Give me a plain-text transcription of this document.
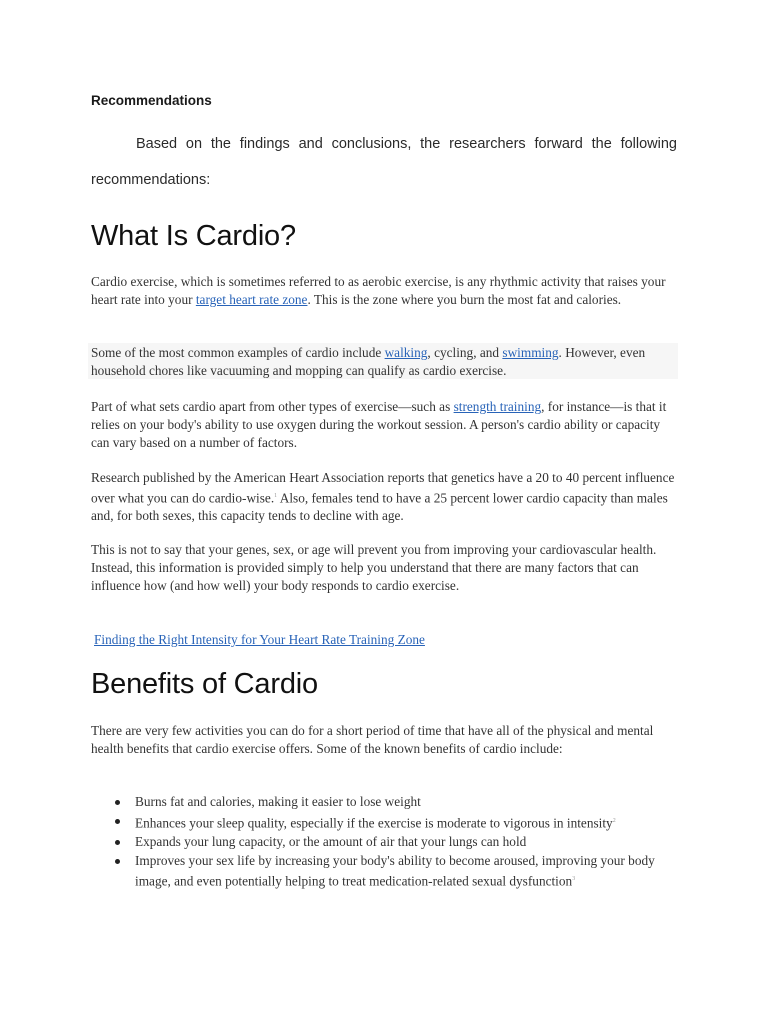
Recommendations

Based on the findings and conclusions, the researchers forward the following recommendations:

What Is Cardio?

Cardio exercise, which is sometimes referred to as aerobic exercise, is any rhythmic activity that raises your heart rate into your target heart rate zone. This is the zone where you burn the most fat and calories.

Some of the most common examples of cardio include walking, cycling, and swimming. However, even household chores like vacuuming and mopping can qualify as cardio exercise.

Part of what sets cardio apart from other types of exercise—such as strength training, for instance—is that it relies on your body's ability to use oxygen during the workout session. A person's cardio ability or capacity can vary based on a number of factors.

Research published by the American Heart Association reports that genetics have a 20 to 40 percent influence over what you can do cardio-wise.$^1$ Also, females tend to have a 25 percent lower cardio capacity than males and, for both sexes, this capacity tends to decline with age.

This is not to say that your genes, sex, or age will prevent you from improving your cardiovascular health. Instead, this information is provided simply to help you understand that there are many factors that can influence how (and how well) your body responds to cardio exercise.

Finding the Right Intensity for Your Heart Rate Training Zone

Benefits of Cardio

There are very few activities you can do for a short period of time that have all of the physical and mental health benefits that cardio exercise offers. Some of the known benefits of cardio include:

Burns fat and calories, making it easier to lose weight
Enhances your sleep quality, especially if the exercise is moderate to vigorous in intensity$^2$
Expands your lung capacity, or the amount of air that your lungs can hold
Improves your sex life by increasing your body's ability to become aroused, improving your body image, and even potentially helping to treat medication-related sexual dysfunction$^3$
